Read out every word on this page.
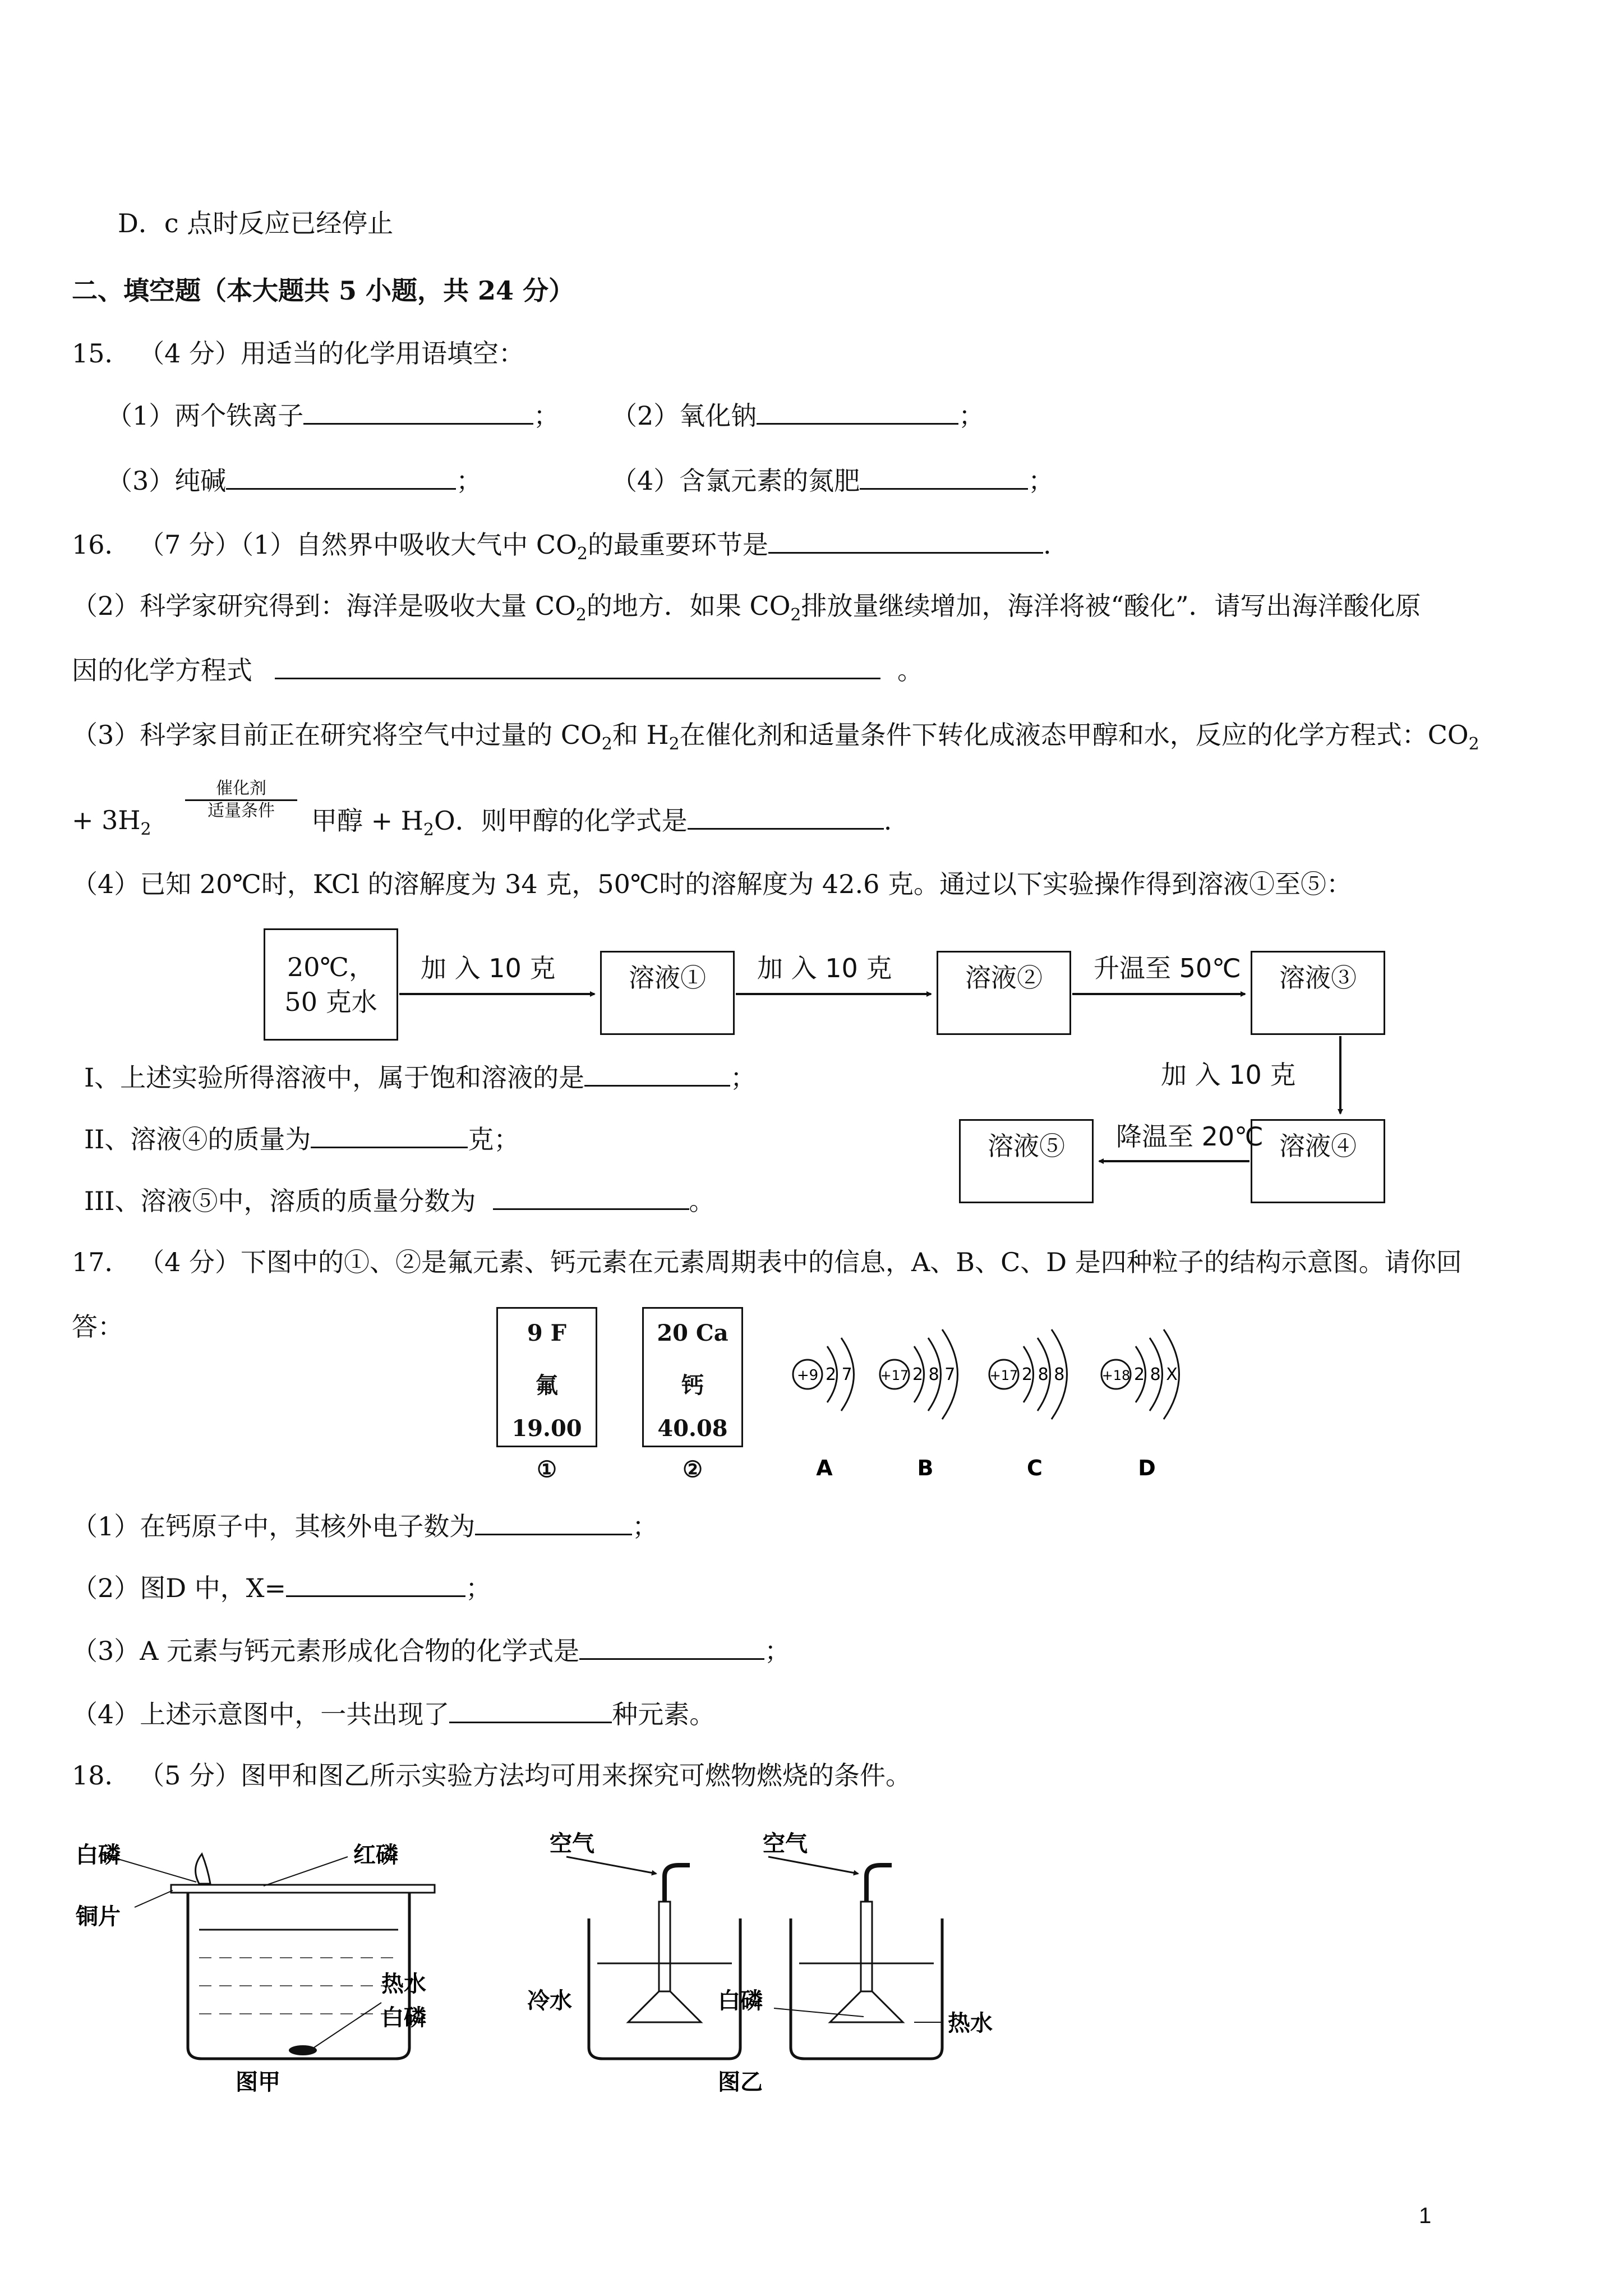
D．c 点时反应已经停止
二、填空题（本大题共 5 小题，共 24 分）
15． （4 分）用适当的化学用语填空：
（1）两个铁离子	； （2）氧化钠	；
（3）纯碱	；	（4）含氯元素的氮肥	；
16． （7 分）（1）自然界中吸收大气中 $CO_2$的最重要环节是	.
（2）科学家研究得到：海洋是吸收大量 $CO_2$的地方．如果 $CO_2$排放量继续增加，海洋将被“酸化”．请写出海洋酸化原
因的化学方程式	。
（3）科学家目前正在研究将空气中过量的 $CO_2$和 $H_2$在催化剂和适量条件下转化成液态甲醇和水，反应的化学方程式：$CO_2$
+ $3H_2$
催化剂
适量条件	甲醇 + $H_2O$．则甲醇的化学式是	.
（4）已知 20℃时，KCl 的溶解度为 34 克，50℃时的溶解度为 42.6 克。通过以下实验操作得到溶液①至⑤：
20℃，
50 克水
溶液①	溶液②	溶液③
溶液④
溶液⑤
加 入 10 克	加 入 10 克	升温至 50℃
加 入 10 克
降温至 20℃
I、上述实验所得溶液中，属于饱和溶液的是	；
II、溶液④的质量为	克；
III、溶液⑤中，溶质的质量分数为	。
17． （4 分）下图中的①、②是氟元素、钙元素在元素周期表中的信息，A、B、C、D 是四种粒子的结构示意图。请你回
答：	9 F
氟
19.00
①
20 Ca
钙
40.08
②
+9 2 7
A
+17 2 8 7
B
+17 2 8 8
C
+18 2 8 X
D
（1）在钙原子中，其核外电子数为	；
（2）图D 中，X=	；
（3）A 元素与钙元素形成化合物的化学式是	；
（4）上述示意图中，一共出现了	种元素。
18． （5 分）图甲和图乙所示实验方法均可用来探究可燃物燃烧的条件。
白磷	红磷
铜片
热水
白磷
图甲
空气
冷水
空气
白磷
热水
图乙
1
